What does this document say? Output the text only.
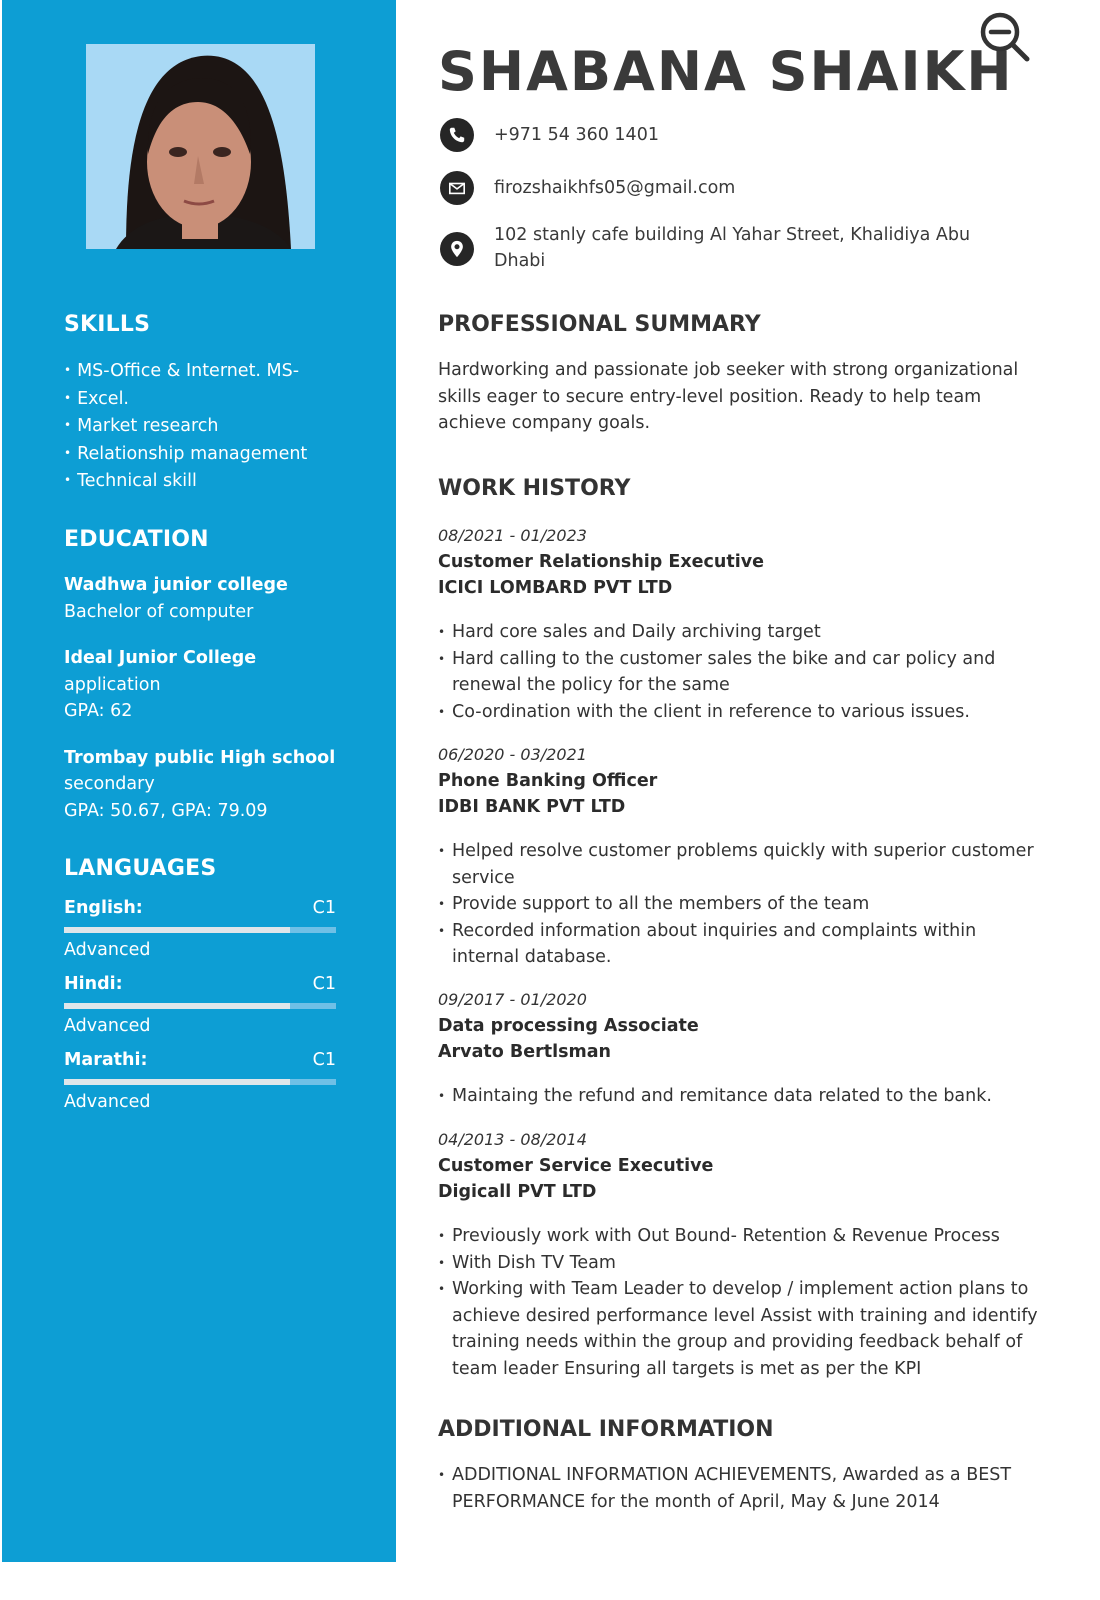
SKILLS
• MS-Office & Internet. MS-
• Excel.
• Market research
• Relationship management
• Technical skill
EDUCATION
Wadhwa junior college
Bachelor of computer
Ideal Junior College
application
GPA: 62
Trombay public High school
secondary
GPA: 50.67, GPA: 79.09
LANGUAGES
English:	C1
Advanced
Hindi:	C1
Advanced
Marathi:	C1
Advanced
SHABANA SHAIKH
+971 54 360 1401
firozshaikhfs05@gmail.com
102 stanly cafe building Al Yahar Street, Khalidiya Abu Dhabi
PROFESSIONAL SUMMARY
Hardworking and passionate job seeker with strong organizational skills eager to secure entry-level position. Ready to help team achieve company goals.
WORK HISTORY
08/2021 - 01/2023
Customer Relationship Executive
ICICI LOMBARD PVT LTD
• Hard core sales and Daily archiving target
• Hard calling to the customer sales the bike and car policy and renewal the policy for the same
• Co-ordination with the client in reference to various issues.
06/2020 - 03/2021
Phone Banking Officer
IDBI BANK PVT LTD
• Helped resolve customer problems quickly with superior customer service
• Provide support to all the members of the team
• Recorded information about inquiries and complaints within internal database.
09/2017 - 01/2020
Data processing Associate
Arvato Bertlsman
• Maintaing the refund and remitance data related to the bank.
04/2013 - 08/2014
Customer Service Executive
Digicall PVT LTD
• Previously work with Out Bound- Retention & Revenue Process
• With Dish TV Team
• Working with Team Leader to develop / implement action plans to achieve desired performance level Assist with training and identify training needs within the group and providing feedback behalf of team leader Ensuring all targets is met as per the KPI
ADDITIONAL INFORMATION
• ADDITIONAL INFORMATION ACHIEVEMENTS, Awarded as a BEST PERFORMANCE for the month of April, May & June 2014
